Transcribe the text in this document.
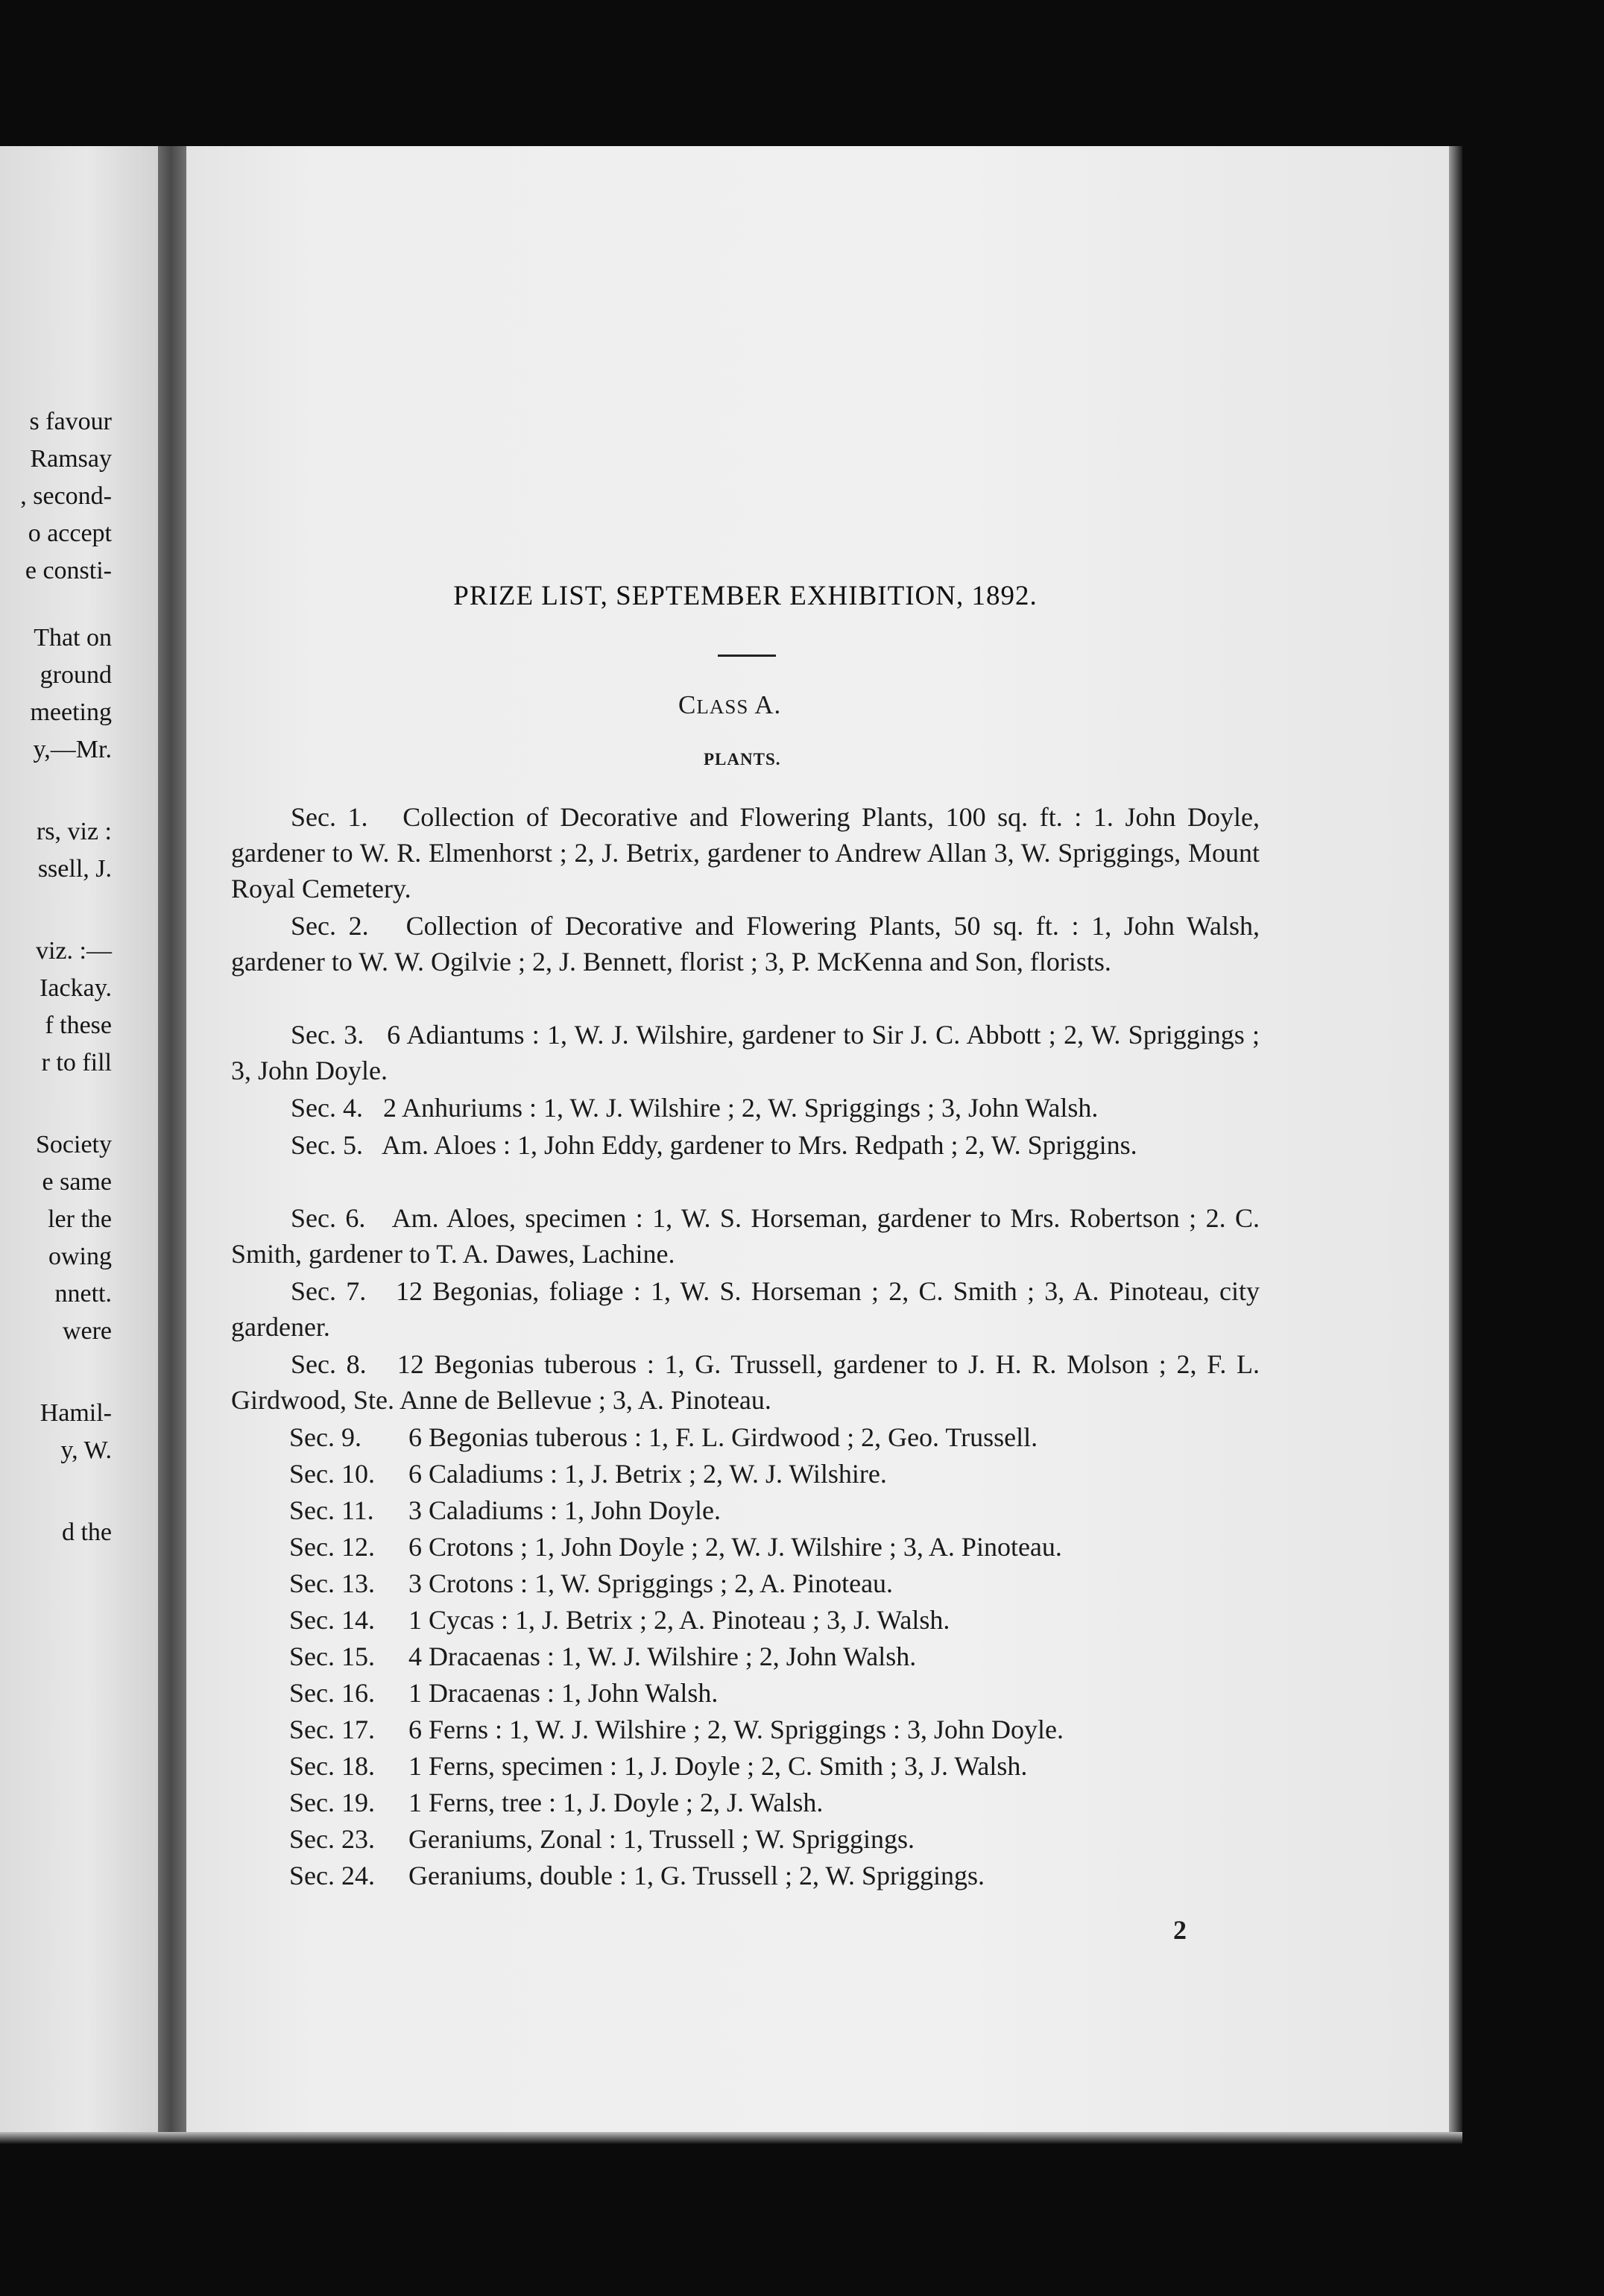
s favour
Ramsay
, second-
o accept
e consti-
That on
ground
meeting
y,—Mr.
rs, viz :
ssell, J.
viz. :—
Iackay.
f these
r to fill
Society
e same
ler the
owing
nnett.
were
Hamil-
y, W.
d the
PRIZE LIST, SEPTEMBER EXHIBITION, 1892.
CLASS A.
PLANTS.
Sec. 1. Collection of Decorative and Flowering Plants, 100 sq. ft. : 1. John Doyle, gardener to W. R. Elmenhorst ; 2, J. Betrix, gardener to Andrew Allan 3, W. Spriggings, Mount Royal Cemetery.
Sec. 2. Collection of Decorative and Flowering Plants, 50 sq. ft. : 1, John Walsh, gardener to W. W. Ogilvie ; 2, J. Bennett, florist ; 3, P. McKenna and Son, florists.
Sec. 3. 6 Adiantums : 1, W. J. Wilshire, gardener to Sir J. C. Abbott ; 2, W. Spriggings ; 3, John Doyle.
Sec. 4. 2 Anhuriums : 1, W. J. Wilshire ; 2, W. Spriggings ; 3, John Walsh.
Sec. 5. Am. Aloes : 1, John Eddy, gardener to Mrs. Redpath ; 2, W. Spriggins.
Sec. 6. Am. Aloes, specimen : 1, W. S. Horseman, gardener to Mrs. Robertson ; 2. C. Smith, gardener to T. A. Dawes, Lachine.
Sec. 7. 12 Begonias, foliage : 1, W. S. Horseman ; 2, C. Smith ; 3, A. Pinoteau, city gardener.
Sec. 8. 12 Begonias tuberous : 1, G. Trussell, gardener to J. H. R. Molson ; 2, F. L. Girdwood, Ste. Anne de Bellevue ; 3, A. Pinoteau.
Sec. 9. 6 Begonias tuberous : 1, F. L. Girdwood ; 2, Geo. Trussell.
Sec. 10. 6 Caladiums : 1, J. Betrix ; 2, W. J. Wilshire.
Sec. 11. 3 Caladiums : 1, John Doyle.
Sec. 12. 6 Crotons ; 1, John Doyle ; 2, W. J. Wilshire ; 3, A. Pinoteau.
Sec. 13. 3 Crotons : 1, W. Spriggings ; 2, A. Pinoteau.
Sec. 14. 1 Cycas : 1, J. Betrix ; 2, A. Pinoteau ; 3, J. Walsh.
Sec. 15. 4 Dracaenas : 1, W. J. Wilshire ; 2, John Walsh.
Sec. 16. 1 Dracaenas : 1, John Walsh.
Sec. 17. 6 Ferns : 1, W. J. Wilshire ; 2, W. Spriggings : 3, John Doyle.
Sec. 18. 1 Ferns, specimen : 1, J. Doyle ; 2, C. Smith ; 3, J. Walsh.
Sec. 19. 1 Ferns, tree : 1, J. Doyle ; 2, J. Walsh.
Sec. 23. Geraniums, Zonal : 1, Trussell ; W. Spriggings.
Sec. 24. Geraniums, double : 1, G. Trussell ; 2, W. Spriggings.
2
